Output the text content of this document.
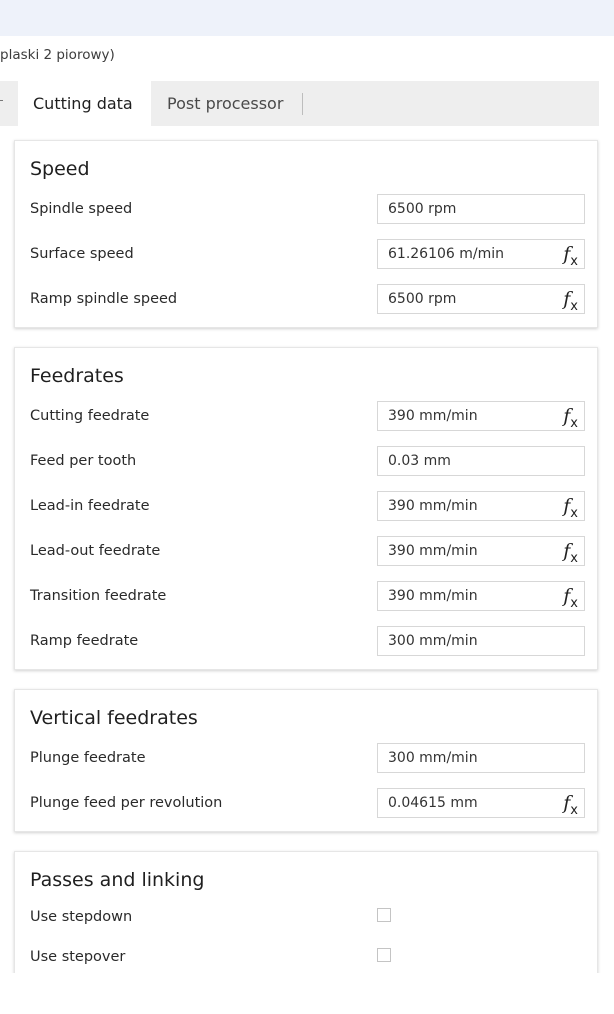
plaski 2 piorowy)
Cutting data	Post processor
Speed
Spindle speed	6500 rpm
Surface speed	61.26106 m/min	$f_x$
Ramp spindle speed	6500 rpm	$f_x$
Feedrates
Cutting feedrate	390 mm/min	$f_x$
Feed per tooth	0.03 mm
Lead-in feedrate	390 mm/min	$f_x$
Lead-out feedrate	390 mm/min	$f_x$
Transition feedrate	390 mm/min	$f_x$
Ramp feedrate	300 mm/min
Vertical feedrates
Plunge feedrate	300 mm/min
Plunge feed per revolution	0.04615 mm	$f_x$
Passes and linking
Use stepdown
Use stepover
